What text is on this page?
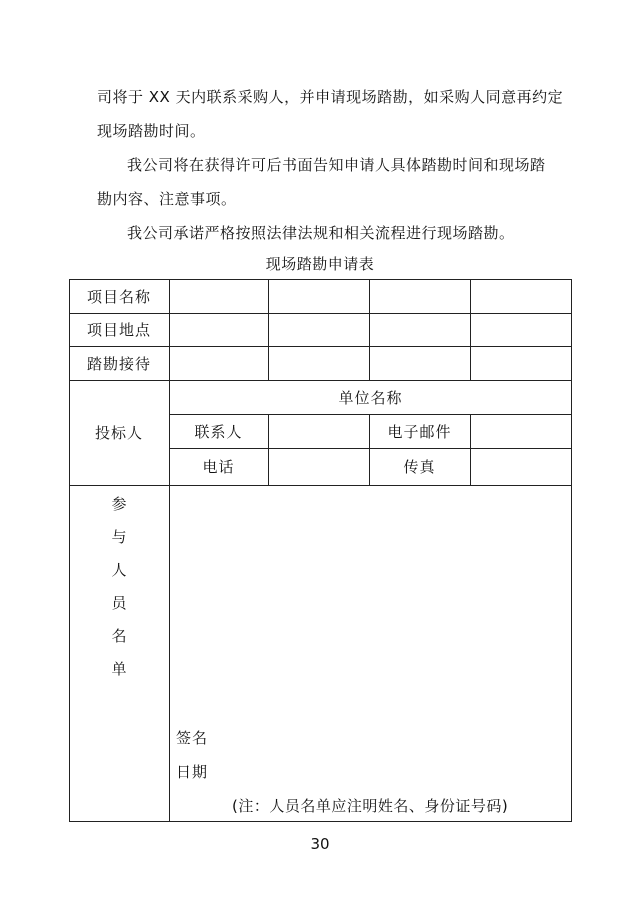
司将于 XX 天内联系采购人，并申请现场踏勘，如采购人同意再约定
现场踏勘时间。
我公司将在获得许可后书面告知申请人具体踏勘时间和现场踏
勘内容、注意事项。
我公司承诺严格按照法律法规和相关流程进行现场踏勘。
现场踏勘申请表
项目名称
项目地点
踏勘接待
投标人
单位名称
联系人	电子邮件
电话	传真
参
与
人
员
名
单
签名
日期
(注：人员名单应注明姓名、身份证号码)
30
